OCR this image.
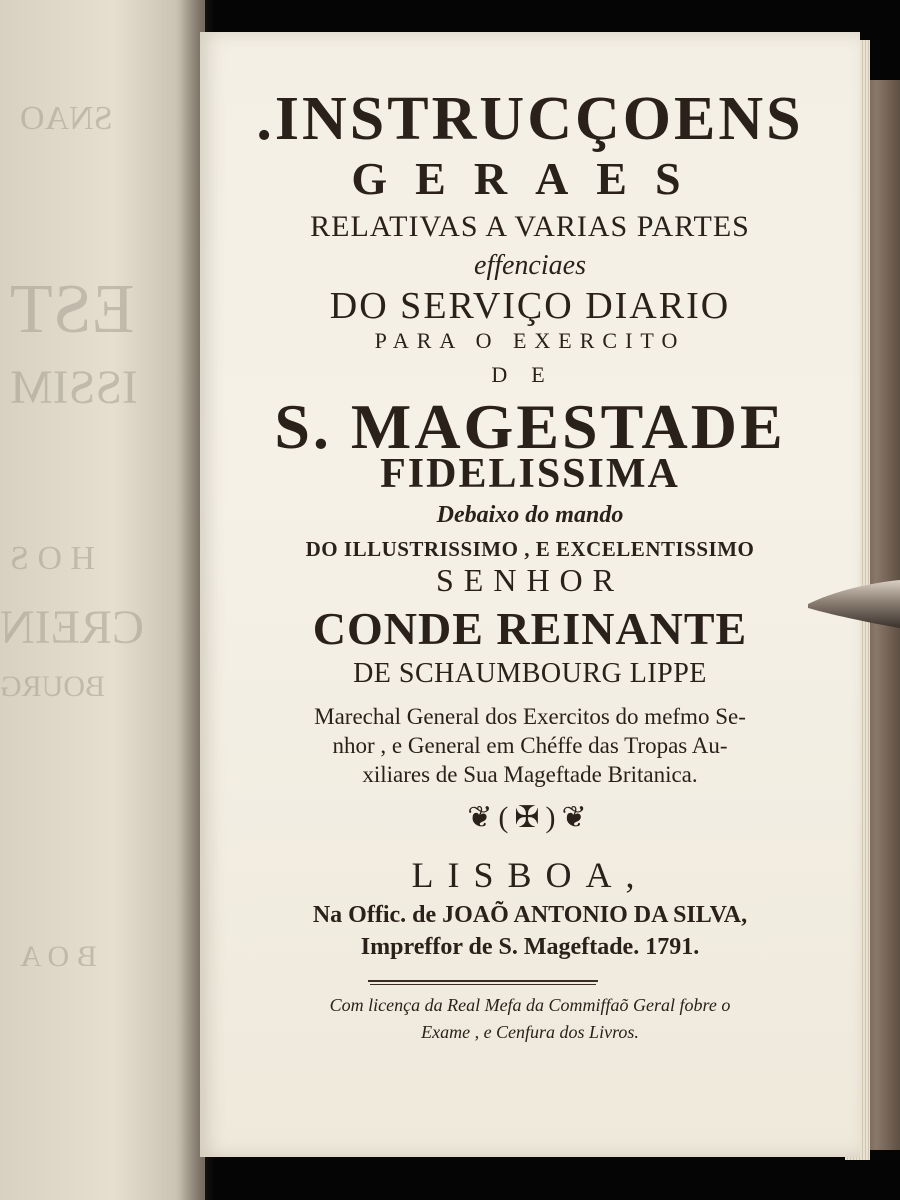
SNAO
EST
ISSIM
H O S
CREIN
BOURG
B O A
.INSTRUCÇOENS
GERAES
RELATIVAS A VARIAS PARTES
effenciaes
DO SERVIÇO DIARIO
PARA O EXERCITO
DE
S. MAGESTADE
FIDELISSIMA
Debaixo do mando
DO ILLUSTRISSIMO , E EXCELENTISSIMO
SENHOR
CONDE REINANTE
DE SCHAUMBOURG LIPPE
Marechal General dos Exercitos do mefmo Se-
nhor , e General em Chéffe das Tropas Au-
xiliares de Sua Mageftade Britanica.
❦(✠)❦
LISBOA,
Na Offic. de JOAÕ ANTONIO DA SILVA,
Impreffor de S. Mageftade. 1791.
Com licença da Real Mefa da Commiffaõ Geral fobre o
Exame , e Cenfura dos Livros.
